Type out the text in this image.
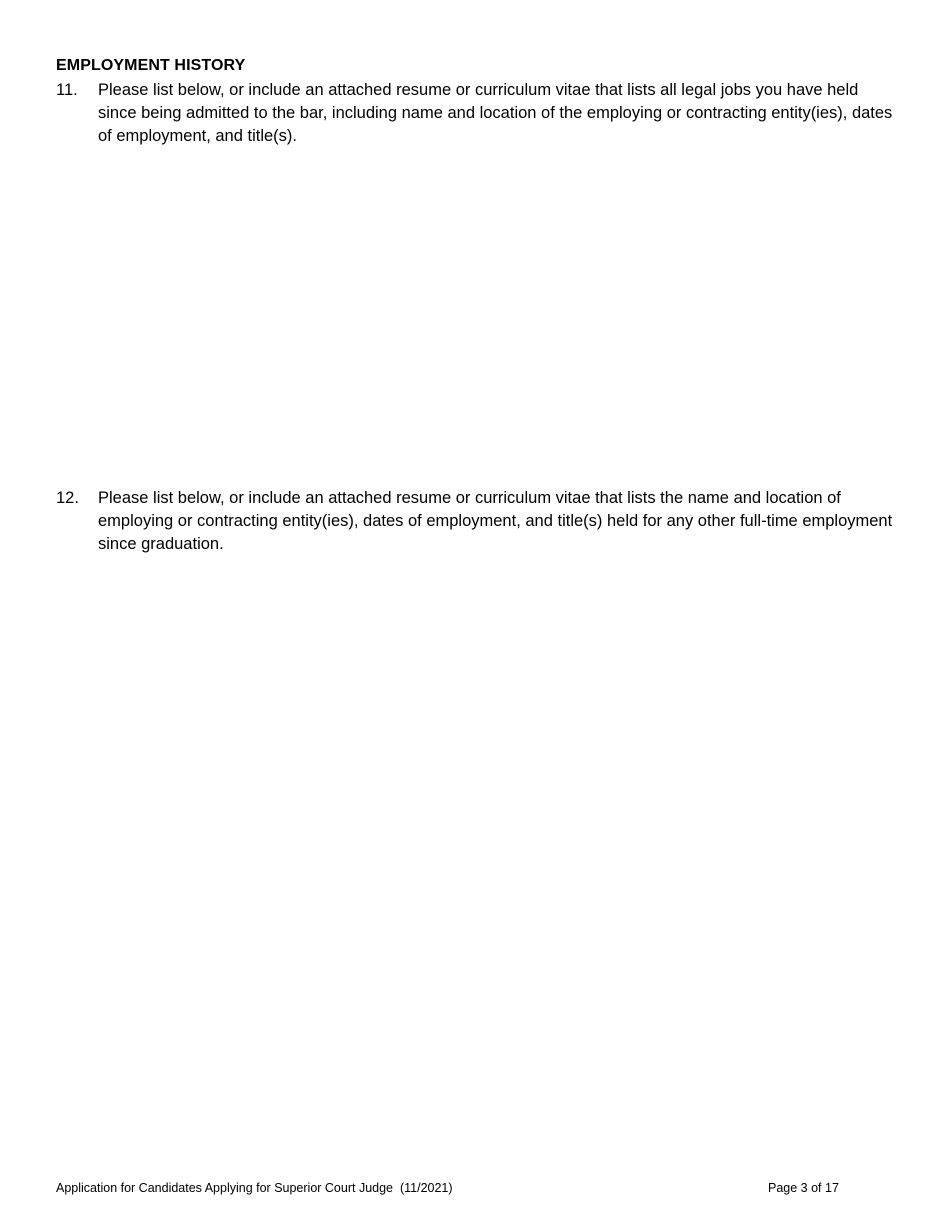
EMPLOYMENT HISTORY
11. Please list below, or include an attached resume or curriculum vitae that lists all legal jobs you have held since being admitted to the bar, including name and location of the employing or contracting entity(ies), dates of employment, and title(s).
12. Please list below, or include an attached resume or curriculum vitae that lists the name and location of employing or contracting entity(ies), dates of employment, and title(s) held for any other full-time employment since graduation.
Application for Candidates Applying for Superior Court Judge  (11/2021)	Page 3 of 17
